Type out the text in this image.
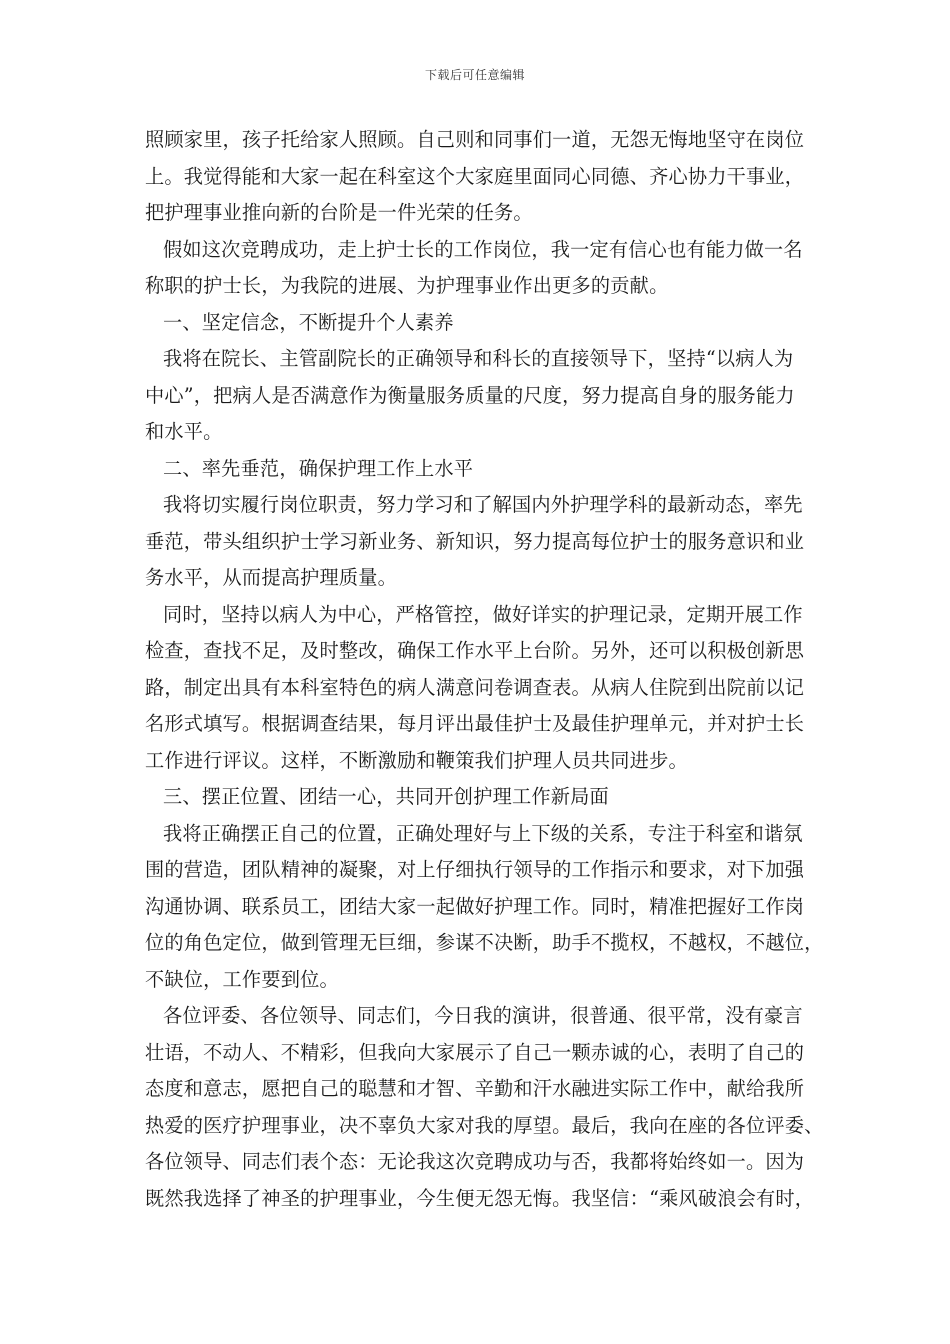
下载后可任意编辑
照顾家里，孩子托给家人照顾。自己则和同事们一道，无怨无悔地坚守在岗位
上。我觉得能和大家一起在科室这个大家庭里面同心同德、齐心协力干事业，
把护理事业推向新的台阶是一件光荣的任务。
假如这次竞聘成功，走上护士长的工作岗位，我一定有信心也有能力做一名
称职的护士长，为我院的进展、为护理事业作出更多的贡献。
一、坚定信念，不断提升个人素养
我将在院长、主管副院长的正确领导和科长的直接领导下，坚持“以病人为
中心”，把病人是否满意作为衡量服务质量的尺度，努力提高自身的服务能力
和水平。
二、率先垂范，确保护理工作上水平
我将切实履行岗位职责，努力学习和了解国内外护理学科的最新动态，率先
垂范，带头组织护士学习新业务、新知识，努力提高每位护士的服务意识和业
务水平，从而提高护理质量。
同时，坚持以病人为中心，严格管控，做好详实的护理记录，定期开展工作
检查，查找不足，及时整改，确保工作水平上台阶。另外，还可以积极创新思
路，制定出具有本科室特色的病人满意问卷调查表。从病人住院到出院前以记
名形式填写。根据调查结果，每月评出最佳护士及最佳护理单元，并对护士长
工作进行评议。这样，不断激励和鞭策我们护理人员共同进步。
三、摆正位置、团结一心，共同开创护理工作新局面
我将正确摆正自己的位置，正确处理好与上下级的关系，专注于科室和谐氛
围的营造，团队精神的凝聚，对上仔细执行领导的工作指示和要求，对下加强
沟通协调、联系员工，团结大家一起做好护理工作。同时，精准把握好工作岗
位的角色定位，做到管理无巨细，参谋不决断，助手不揽权，不越权，不越位，
不缺位，工作要到位。
各位评委、各位领导、同志们，今日我的演讲，很普通、很平常，没有豪言
壮语，不动人、不精彩，但我向大家展示了自己一颗赤诚的心，表明了自己的
态度和意志，愿把自己的聪慧和才智、辛勤和汗水融进实际工作中，献给我所
热爱的医疗护理事业，决不辜负大家对我的厚望。最后，我向在座的各位评委、
各位领导、同志们表个态：无论我这次竞聘成功与否，我都将始终如一。因为
既然我选择了神圣的护理事业，今生便无怨无悔。我坚信：“乘风破浪会有时，
